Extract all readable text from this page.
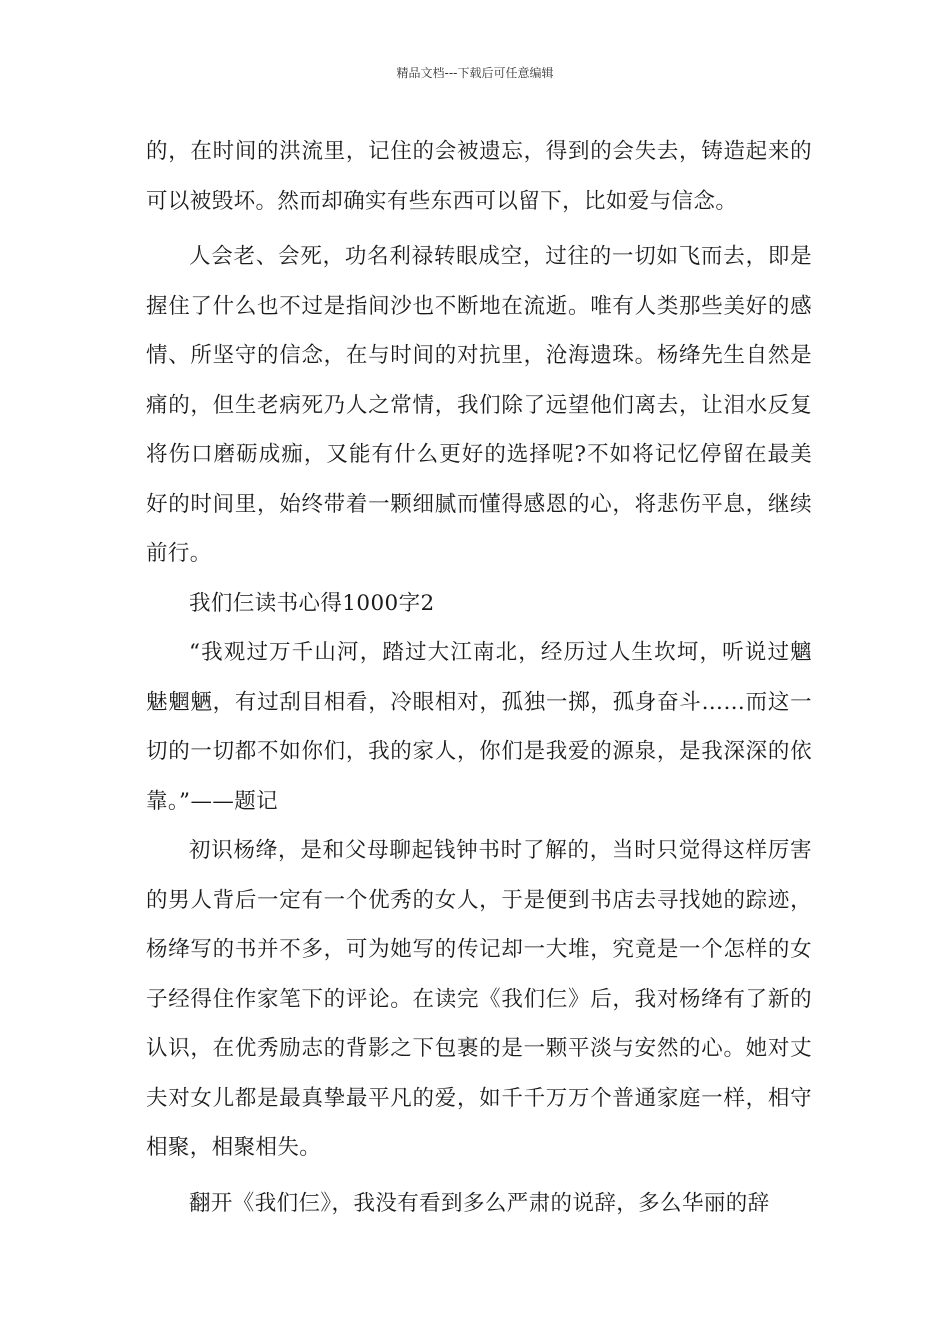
精品文档---下载后可任意编辑

的，在时间的洪流里，记住的会被遗忘，得到的会失去，铸造起来的可以被毁坏。然而却确实有些东西可以留下，比如爱与信念。

人会老、会死，功名利禄转眼成空，过往的一切如飞而去，即是握住了什么也不过是指间沙也不断地在流逝。唯有人类那些美好的感情、所坚守的信念，在与时间的对抗里，沧海遗珠。杨绛先生自然是痛的，但生老病死乃人之常情，我们除了远望他们离去，让泪水反复将伤口磨砺成痂，又能有什么更好的选择呢?不如将记忆停留在最美好的时间里，始终带着一颗细腻而懂得感恩的心，将悲伤平息，继续前行。

我们仨读书心得1000字2

“我观过万千山河，踏过大江南北，经历过人生坎坷，听说过魑魅魍魉，有过刮目相看，冷眼相对，孤独一掷，孤身奋斗……而这一切的一切都不如你们，我的家人，你们是我爱的源泉，是我深深的依靠。”——题记

初识杨绛，是和父母聊起钱钟书时了解的，当时只觉得这样厉害的男人背后一定有一个优秀的女人，于是便到书店去寻找她的踪迹，杨绛写的书并不多，可为她写的传记却一大堆，究竟是一个怎样的女子经得住作家笔下的评论。在读完《我们仨》后，我对杨绛有了新的认识，在优秀励志的背影之下包裹的是一颗平淡与安然的心。她对丈夫对女儿都是最真挚最平凡的爱，如千千万万个普通家庭一样，相守相聚，相聚相失。

翻开《我们仨》，我没有看到多么严肃的说辞，多么华丽的辞
